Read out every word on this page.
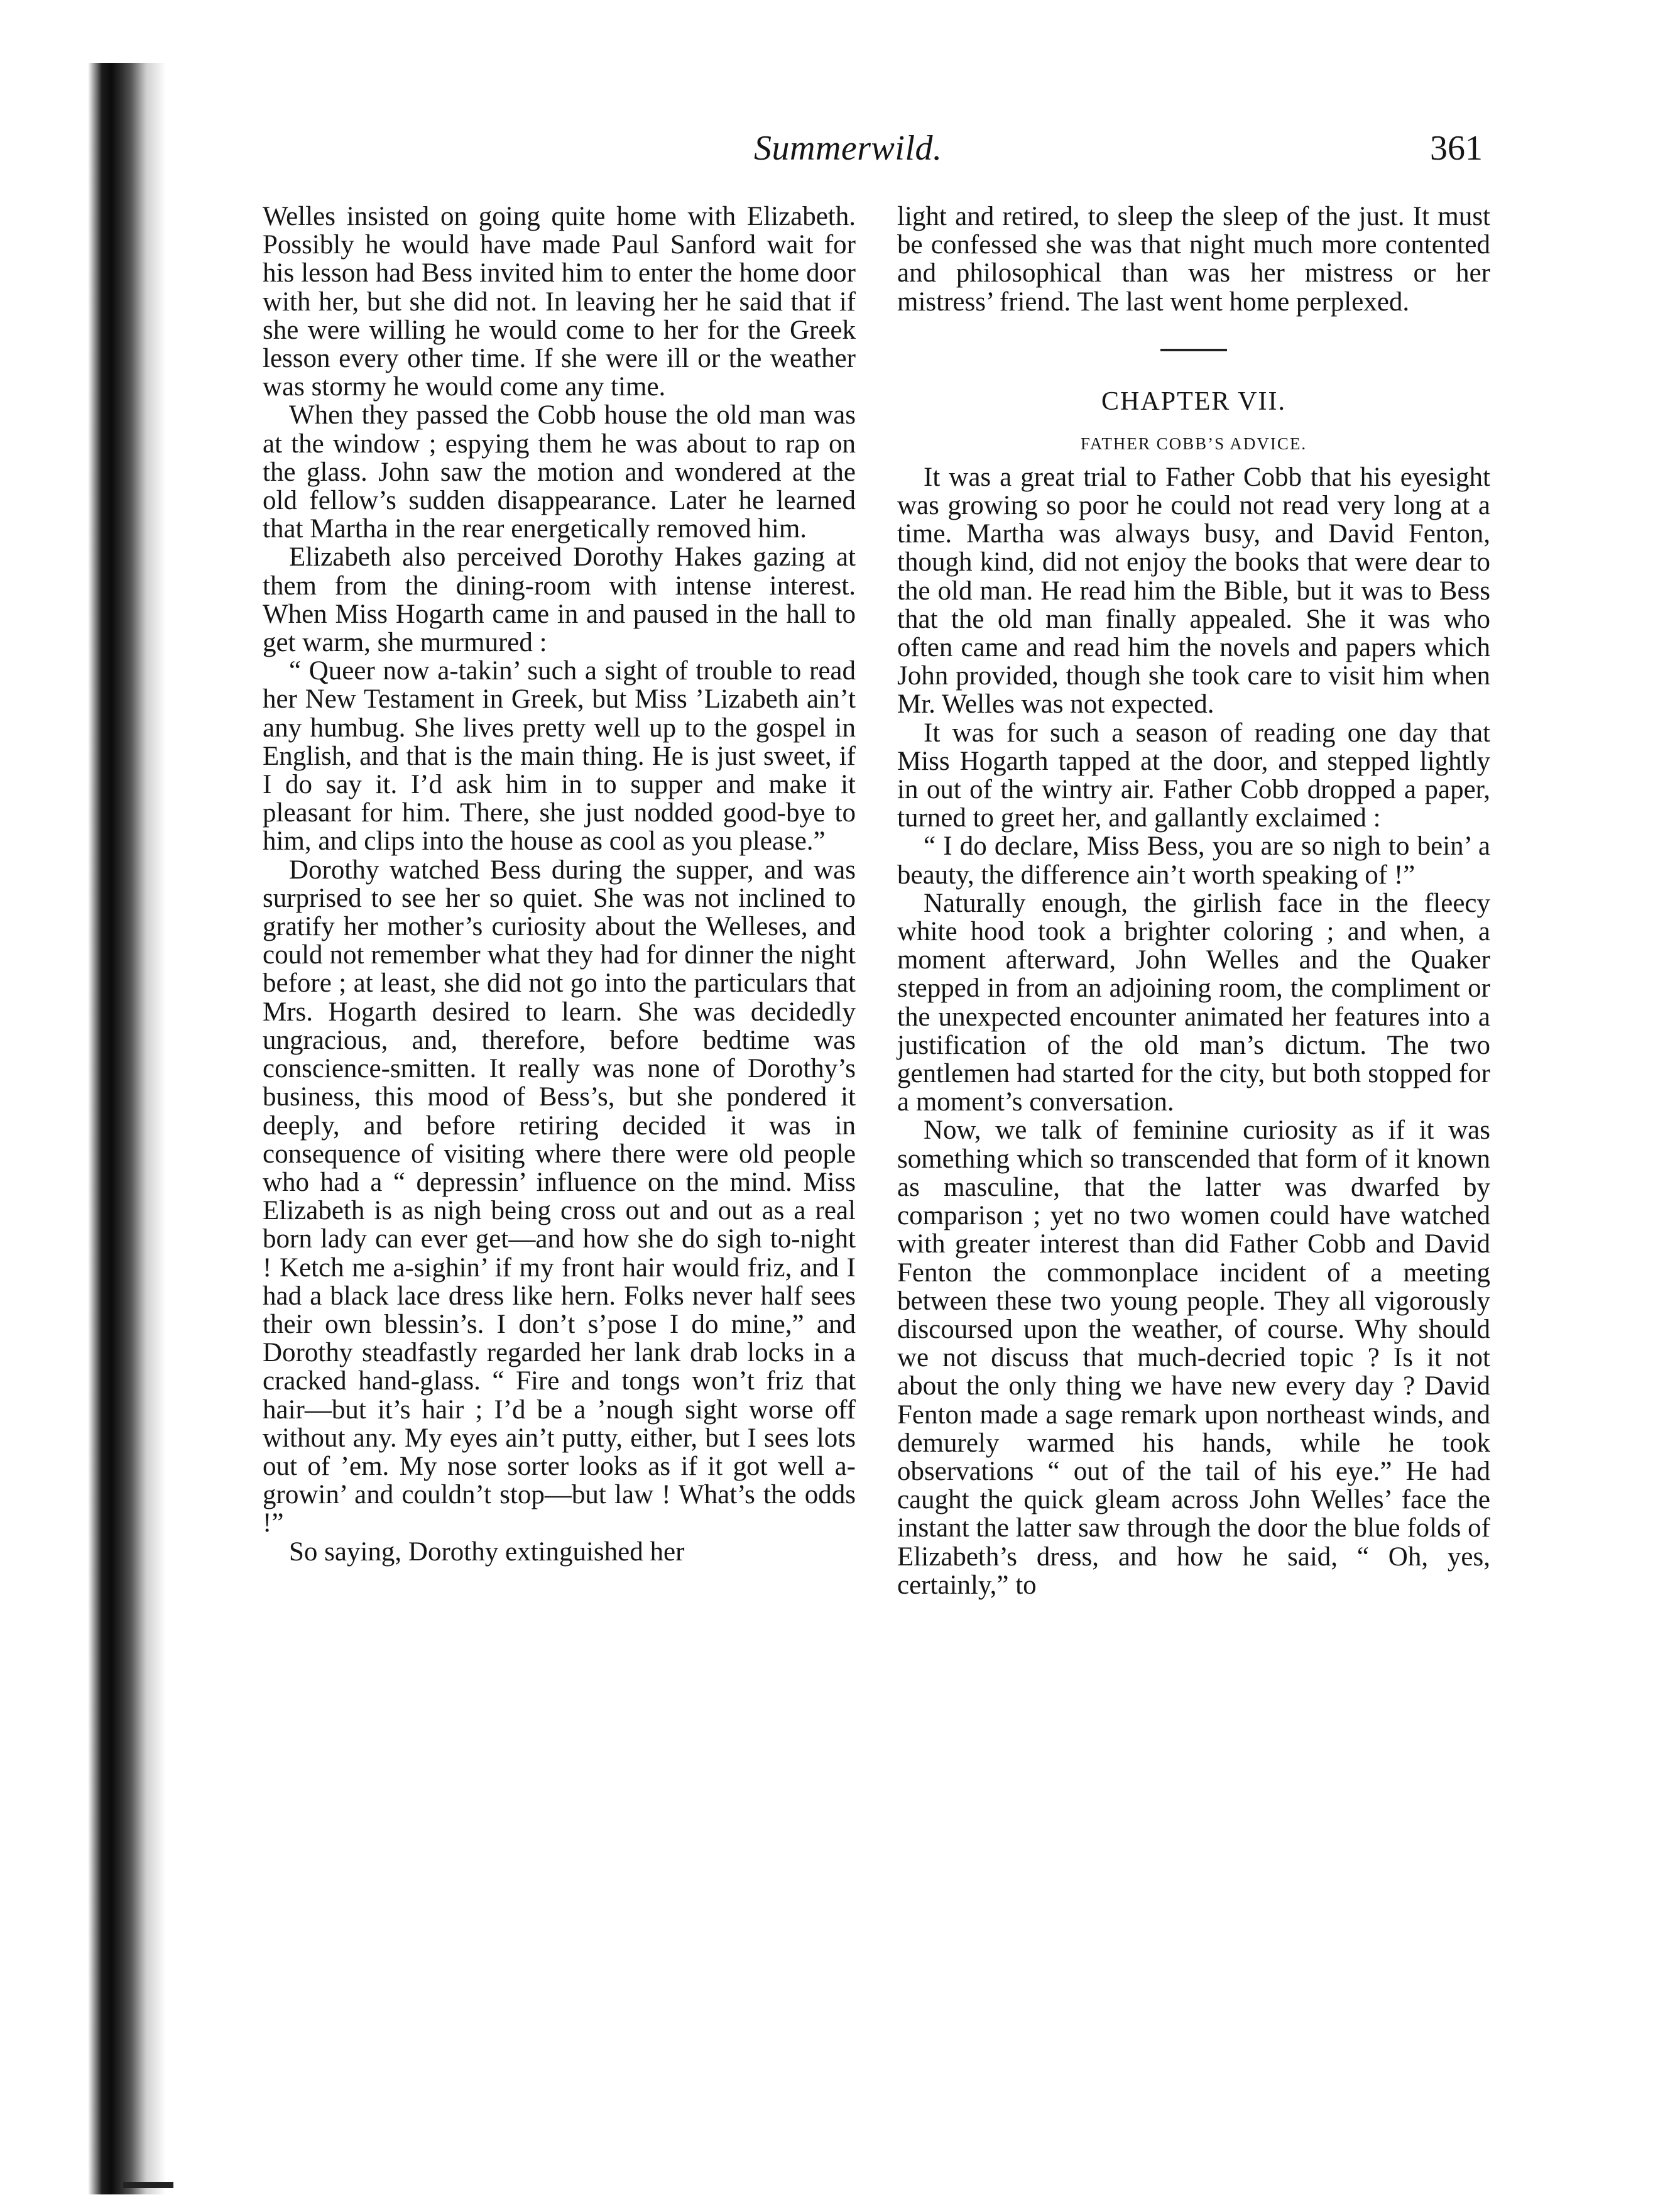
Summerwild.	361

Welles insisted on going quite home with Elizabeth. Possibly he would have made Paul Sanford wait for his lesson had Bess invited him to enter the home door with her, but she did not. In leaving her he said that if she were willing he would come to her for the Greek lesson every other time. If she were ill or the weather was stormy he would come any time.

When they passed the Cobb house the old man was at the window ; espying them he was about to rap on the glass. John saw the motion and wondered at the old fellow’s sudden disappearance. Later he learned that Martha in the rear energetically removed him.

Elizabeth also perceived Dorothy Hakes gazing at them from the dining-room with intense interest. When Miss Hogarth came in and paused in the hall to get warm, she murmured :

“ Queer now a-takin’ such a sight of trouble to read her New Testament in Greek, but Miss ’Lizabeth ain’t any humbug. She lives pretty well up to the gospel in English, and that is the main thing. He is just sweet, if I do say it. I’d ask him in to supper and make it pleasant for him. There, she just nodded good-bye to him, and clips into the house as cool as you please.”

Dorothy watched Bess during the supper, and was surprised to see her so quiet. She was not inclined to gratify her mother’s curiosity about the Welleses, and could not remember what they had for dinner the night before ; at least, she did not go into the particulars that Mrs. Hogarth desired to learn. She was decidedly ungracious, and, therefore, before bedtime was conscience-smitten. It really was none of Dorothy’s business, this mood of Bess’s, but she pondered it deeply, and before retiring decided it was in consequence of visiting where there were old people who had a “ depressin’ influence on the mind. Miss Elizabeth is as nigh being cross out and out as a real born lady can ever get—and how she do sigh to-night ! Ketch me a-sighin’ if my front hair would friz, and I had a black lace dress like hern. Folks never half sees their own blessin’s. I don’t s’pose I do mine,” and Dorothy steadfastly regarded her lank drab locks in a cracked hand-glass. “ Fire and tongs won’t friz that hair—but it’s hair ; I’d be a ’nough sight worse off without any. My eyes ain’t putty, either, but I sees lots out of ’em. My nose sorter looks as if it got well a-growin’ and couldn’t stop—but law ! What’s the odds !”

So saying, Dorothy extinguished her

light and retired, to sleep the sleep of the just. It must be confessed she was that night much more contented and philosophical than was her mistress or her mistress’ friend. The last went home perplexed.

CHAPTER VII.
FATHER COBB’S ADVICE.

It was a great trial to Father Cobb that his eyesight was growing so poor he could not read very long at a time. Martha was always busy, and David Fenton, though kind, did not enjoy the books that were dear to the old man. He read him the Bible, but it was to Bess that the old man finally appealed. She it was who often came and read him the novels and papers which John provided, though she took care to visit him when Mr. Welles was not expected.

It was for such a season of reading one day that Miss Hogarth tapped at the door, and stepped lightly in out of the wintry air. Father Cobb dropped a paper, turned to greet her, and gallantly exclaimed :

“ I do declare, Miss Bess, you are so nigh to bein’ a beauty, the difference ain’t worth speaking of !”

Naturally enough, the girlish face in the fleecy white hood took a brighter coloring ; and when, a moment afterward, John Welles and the Quaker stepped in from an adjoining room, the compliment or the unexpected encounter animated her features into a justification of the old man’s dictum. The two gentlemen had started for the city, but both stopped for a moment’s conversation.

Now, we talk of feminine curiosity as if it was something which so transcended that form of it known as masculine, that the latter was dwarfed by comparison ; yet no two women could have watched with greater interest than did Father Cobb and David Fenton the commonplace incident of a meeting between these two young people. They all vigorously discoursed upon the weather, of course. Why should we not discuss that much-decried topic ? Is it not about the only thing we have new every day ? David Fenton made a sage remark upon northeast winds, and demurely warmed his hands, while he took observations “ out of the tail of his eye.” He had caught the quick gleam across John Welles’ face the instant the latter saw through the door the blue folds of Elizabeth’s dress, and how he said, “ Oh, yes, certainly,” to
